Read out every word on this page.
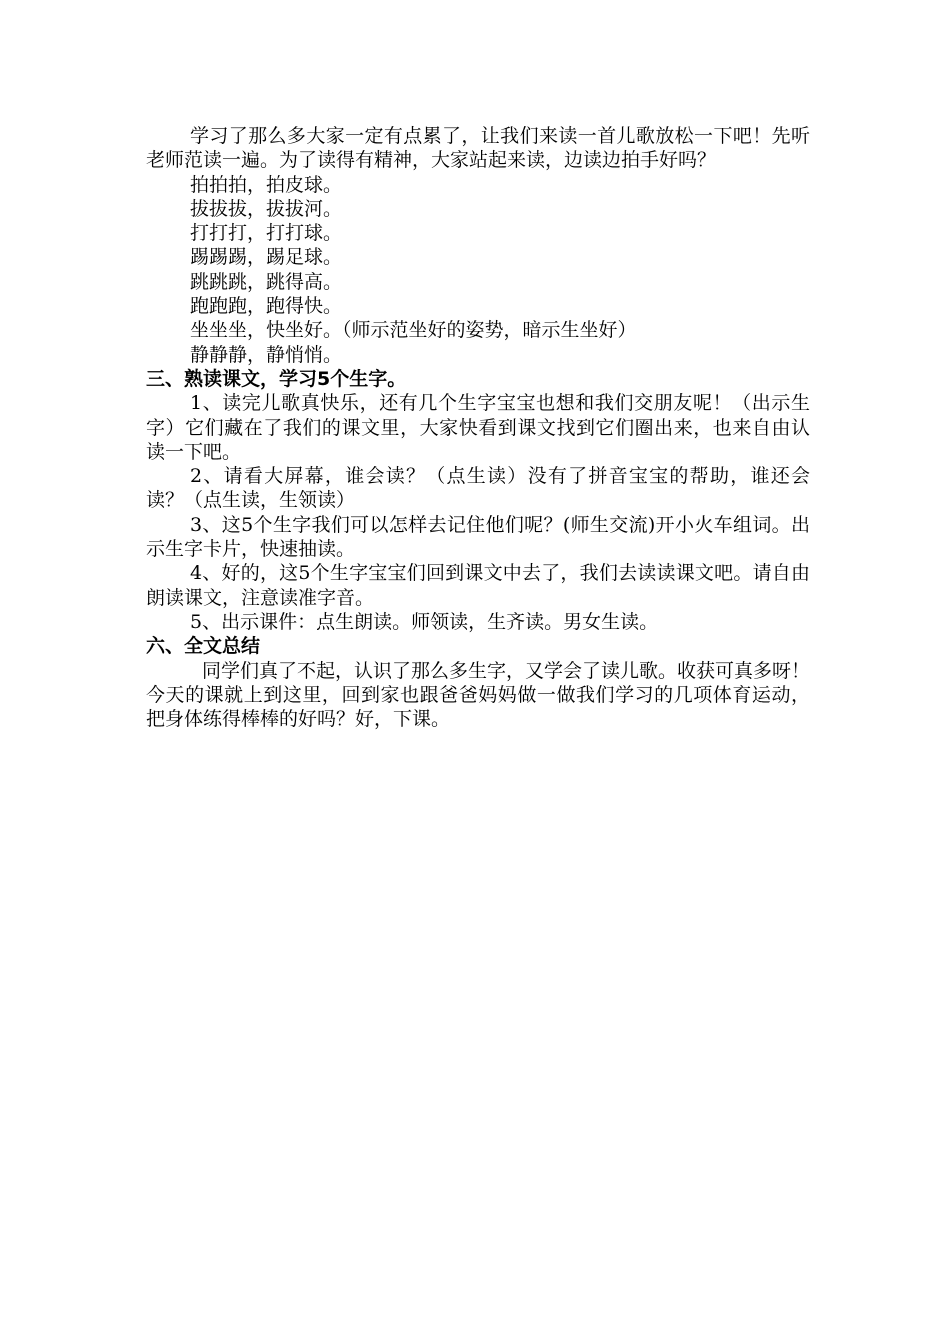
学习了那么多大家一定有点累了，让我们来读一首儿歌放松一下吧！先听老师范读一遍。为了读得有精神，大家站起来读，边读边拍手好吗？

拍拍拍，拍皮球。

拔拔拔，拔拔河。

打打打，打打球。

踢踢踢，踢足球。

跳跳跳，跳得高。

跑跑跑，跑得快。

坐坐坐，快坐好。（师示范坐好的姿势，暗示生坐好）

静静静，静悄悄。

三、熟读课文，学习5个生字。

1、读完儿歌真快乐，还有几个生字宝宝也想和我们交朋友呢！（出示生字）它们藏在了我们的课文里，大家快看到课文找到它们圈出来，也来自由认读一下吧。

2、请看大屏幕，谁会读？（点生读）没有了拼音宝宝的帮助，谁还会读？（点生读，生领读）

3、这5个生字我们可以怎样去记住他们呢？(师生交流)开小火车组词。出示生字卡片，快速抽读。

4、好的，这5个生字宝宝们回到课文中去了，我们去读读课文吧。请自由朗读课文，注意读准字音。

5、出示课件：点生朗读。师领读，生齐读。男女生读。

六、全文总结

同学们真了不起，认识了那么多生字，又学会了读儿歌。收获可真多呀！今天的课就上到这里，回到家也跟爸爸妈妈做一做我们学习的几项体育运动，把身体练得棒棒的好吗？好，下课。
